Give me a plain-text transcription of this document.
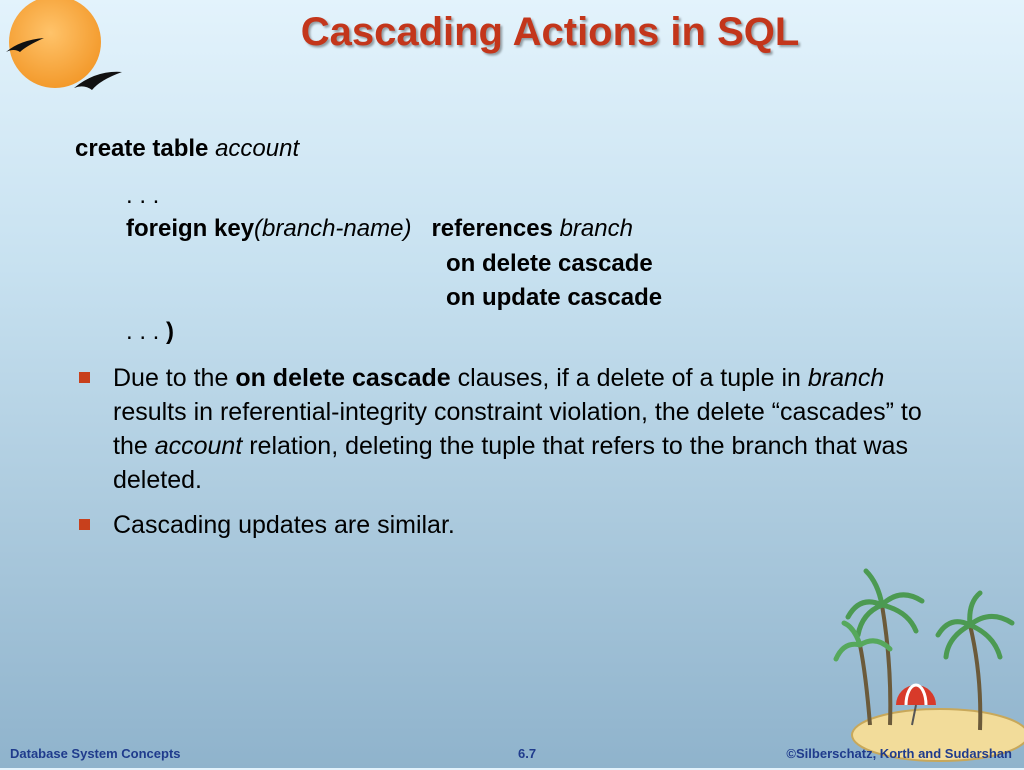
Cascading Actions in SQL
create table account
. . .
foreign key(branch-name) references branch
on delete cascade
on update cascade
. . . )
Due to the on delete cascade clauses, if a delete of a tuple in branch results in referential-integrity constraint violation, the delete “cascades” to the account relation, deleting the tuple that refers to the branch that was deleted.
Cascading updates are similar.
Database System Concepts	6.7	©Silberschatz, Korth and Sudarshan
